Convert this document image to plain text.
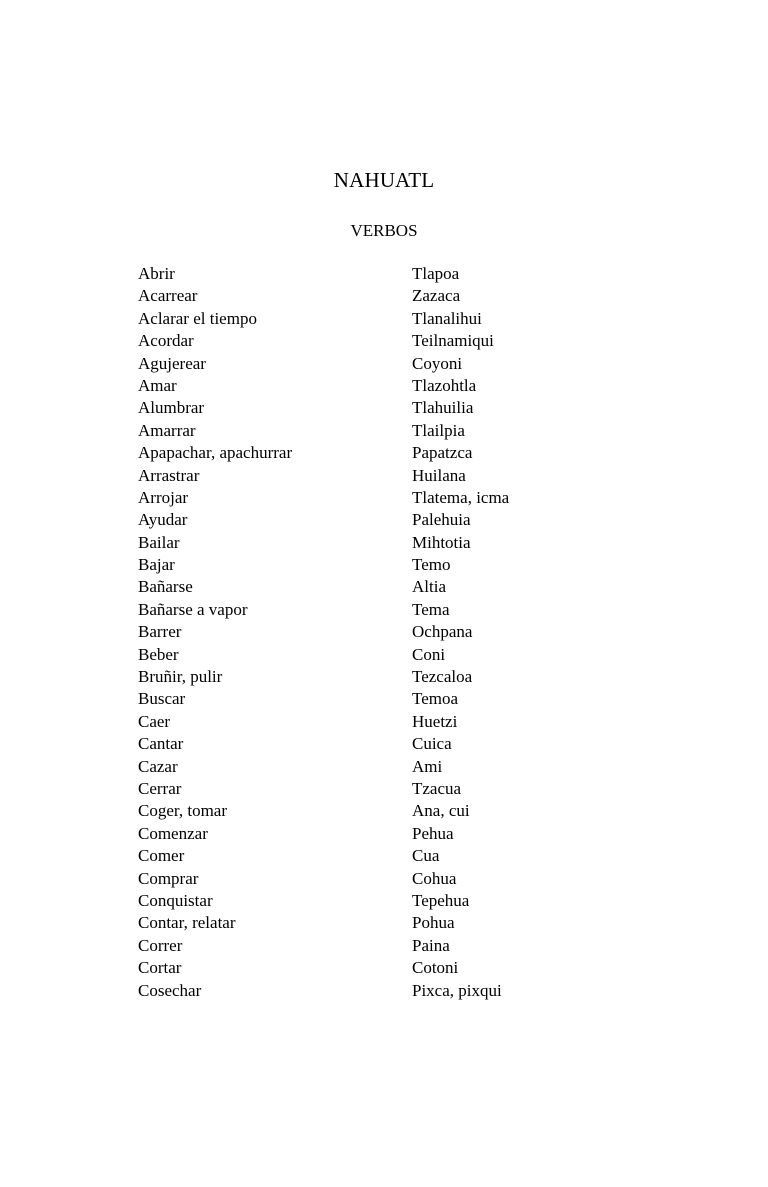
NAHUATL
VERBOS
Abrir	Tlapoa
Acarrear	Zazaca
Aclarar el tiempo	Tlanalihui
Acordar	Teilnamiqui
Agujerear	Coyoni
Amar	Tlazohtla
Alumbrar	Tlahuilia
Amarrar	Tlailpia
Apapachar, apachurrar	Papatzca
Arrastrar	Huilana
Arrojar	Tlatema, icma
Ayudar	Palehuia
Bailar	Mihtotia
Bajar	Temo
Bañarse	Altia
Bañarse a vapor	Tema
Barrer	Ochpana
Beber	Coni
Bruñir, pulir	Tezcaloa
Buscar	Temoa
Caer	Huetzi
Cantar	Cuica
Cazar	Ami
Cerrar	Tzacua
Coger, tomar	Ana, cui
Comenzar	Pehua
Comer	Cua
Comprar	Cohua
Conquistar	Tepehua
Contar, relatar	Pohua
Correr	Paina
Cortar	Cotoni
Cosechar	Pixca, pixqui
